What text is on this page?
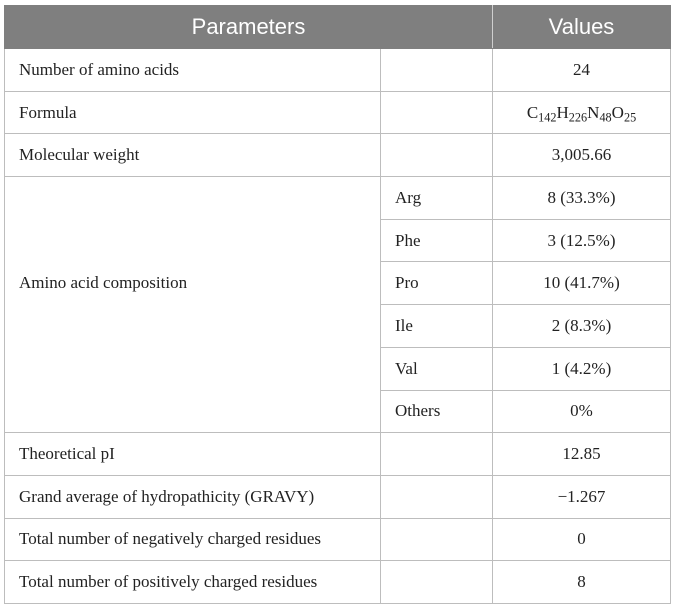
Parameters		Values
Number of amino acids		24
Formula		$C_{142}H_{226}N_{48}O_{25}$
Molecular weight		3,005.66
	Arg	8 (33.3%)
	Phe	3 (12.5%)
Amino acid composition	Pro	10 (41.7%)
	Ile	2 (8.3%)
	Val	1 (4.2%)
	Others	0%
Theoretical pI		12.85
Grand average of hydropathicity (GRAVY)		−1.267
Total number of negatively charged residues		0
Total number of positively charged residues		8
